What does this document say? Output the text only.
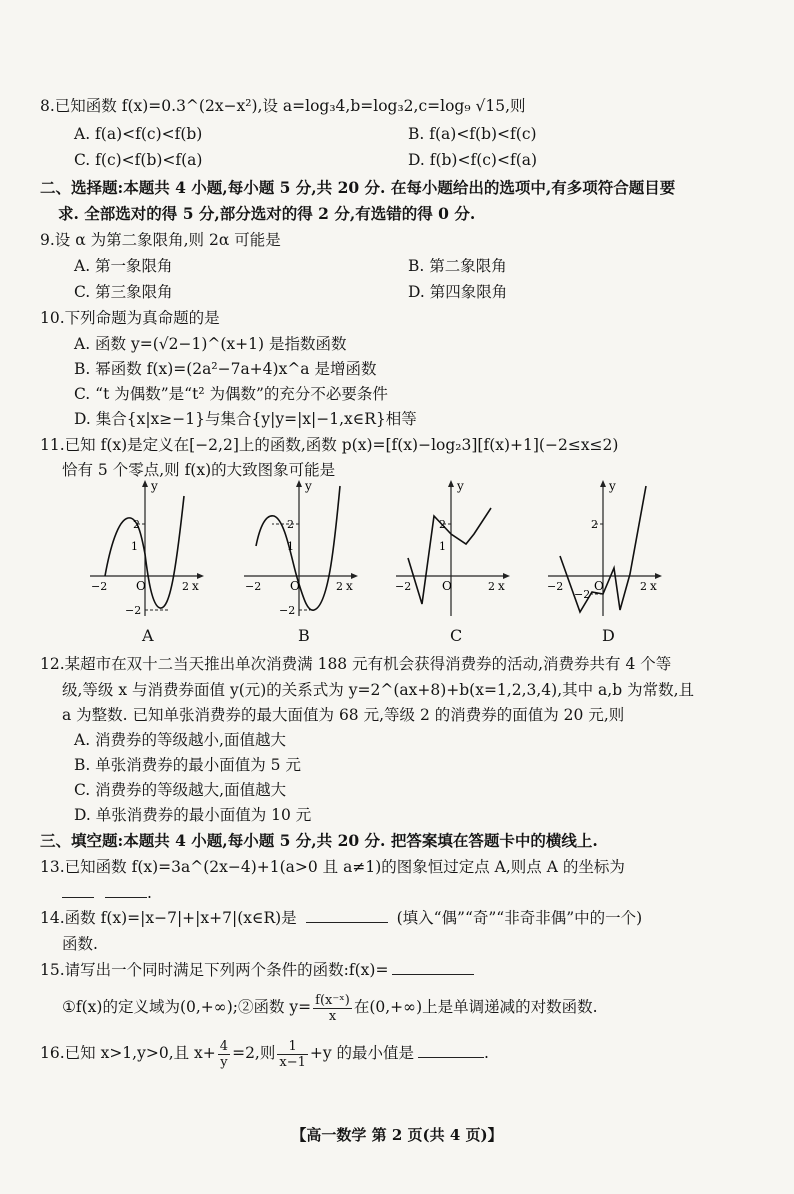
8.已知函数 f(x)=0.3^(2x−x²),设 a=log₃4,b=log₃2,c=log₉ √15,则
A. f(a)<f(c)<f(b)	B. f(a)<f(b)<f(c)
C. f(c)<f(b)<f(a)	D. f(b)<f(c)<f(a)
二、选择题:本题共 4 小题,每小题 5 分,共 20 分. 在每小题给出的选项中,有多项符合题目要
求. 全部选对的得 5 分,部分选对的得 2 分,有选错的得 0 分.
9.设 α 为第二象限角,则 2α 可能是
A. 第一象限角	B. 第二象限角
C. 第三象限角	D. 第四象限角
10.下列命题为真命题的是
A. 函数 y=(√2−1)^(x+1) 是指数函数
B. 幂函数 f(x)=(2a²−7a+4)x^a 是增函数
C. “t 为偶数”是“t² 为偶数”的充分不必要条件
D. 集合{x|x≥−1}与集合{y|y=|x|−1,x∈R}相等
11.已知 f(x)是定义在[−2,2]上的函数,函数 p(x)=[f(x)−log₂3][f(x)+1](−2≤x≤2)
恰有 5 个零点,则 f(x)的大致图象可能是
y
x
O
−2	2
2
1
−2
A
y
x
O
−2	2
2
1
−2
B
y
x
O
−2	2
2
1
C
y
x
O
−2	2
2
−2
D
12.某超市在双十二当天推出单次消费满 188 元有机会获得消费券的活动,消费券共有 4 个等
级,等级 x 与消费券面值 y(元)的关系式为 y=2^(ax+8)+b(x=1,2,3,4),其中 a,b 为常数,且
a 为整数. 已知单张消费券的最大面值为 68 元,等级 2 的消费券的面值为 20 元,则
A. 消费券的等级越小,面值越大
B. 单张消费券的最小面值为 5 元
C. 消费券的等级越大,面值越大
D. 单张消费券的最小面值为 10 元
三、填空题:本题共 4 小题,每小题 5 分,共 20 分. 把答案填在答题卡中的横线上.
13.已知函数 f(x)=3a^(2x−4)+1(a>0 且 a≠1)的图象恒过定点 A,则点 A 的坐标为
.
14.函数 f(x)=|x−7|+|x+7|(x∈R)是	(填入“偶”“奇”“非奇非偶”中的一个)
函数.
15.请写出一个同时满足下列两个条件的函数:f(x)=
①f(x)的定义域为(0,+∞);②函数 $y= \frac{\text{f(x⁻ˣ)}}{x}$ 在(0,+∞)上是单调递减的对数函数.
16.已知 x>1,y>0,且 $x+ \frac{4}{y} =2$,则 $\frac{1}{x-1} +y$ 的最小值是	.
【高一数学 第 2 页(共 4 页)】
